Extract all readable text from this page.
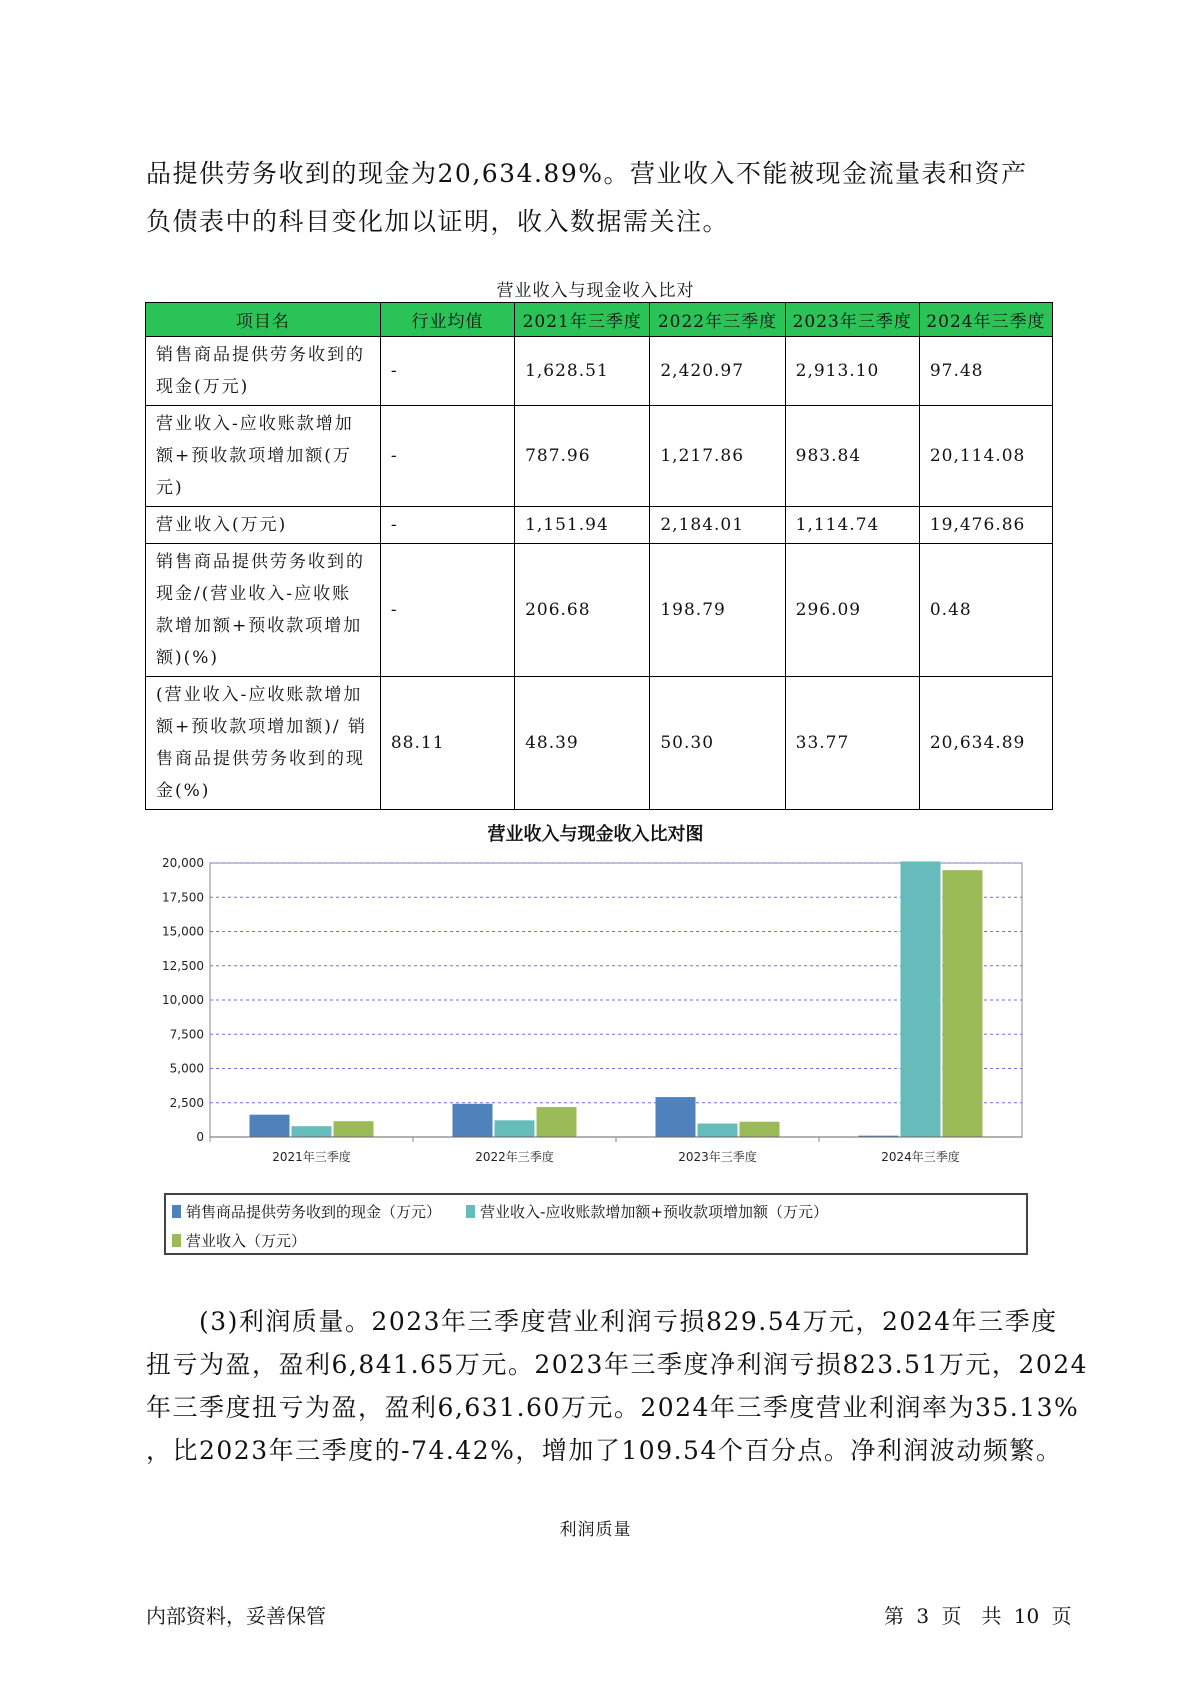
品提供劳务收到的现金为20,634.89%。营业收入不能被现金流量表和资产
负债表中的科目变化加以证明，收入数据需关注。
营业收入与现金收入比对
项目名	行业均值	2021年三季度	2022年三季度	2023年三季度	2024年三季度
销售商品提供劳务收到的现金(万元)	-	1,628.51	2,420.97	2,913.10	97.48
营业收入-应收账款增加额+预收款项增加额(万元)	-	787.96	1,217.86	983.84	20,114.08
营业收入(万元)	-	1,151.94	2,184.01	1,114.74	19,476.86
销售商品提供劳务收到的现金/(营业收入-应收账款增加额+预收款项增加额)(%)	-	206.68	198.79	296.09	0.48
(营业收入-应收账款增加额+预收款项增加额)/ 销售商品提供劳务收到的现金(%)	88.11	48.39	50.30	33.77	20,634.89
营业收入与现金收入比对图
0
2,500
5,000
7,500
10,000
12,500
15,000
17,500
20,000
2021年三季度	2022年三季度	2023年三季度	2024年三季度
销售商品提供劳务收到的现金（万元）	营业收入-应收账款增加额+预收款项增加额（万元）
营业收入（万元）
　　(3)利润质量。2023年三季度营业利润亏损829.54万元，2024年三季度
扭亏为盈，盈利6,841.65万元。2023年三季度净利润亏损823.51万元，2024
年三季度扭亏为盈，盈利6,631.60万元。2024年三季度营业利润率为35.13%
，比2023年三季度的-74.42%，增加了109.54个百分点。净利润波动频繁。
利润质量
内部资料，妥善保管	第 3 页　共 10 页
